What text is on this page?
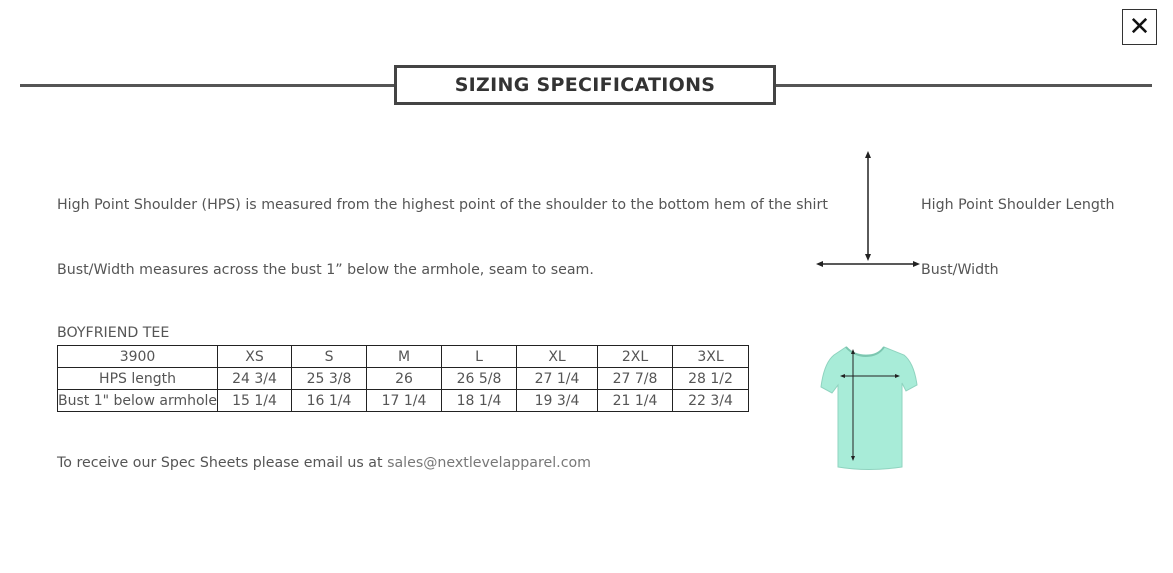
✕
SIZING SPECIFICATIONS
High Point Shoulder (HPS) is measured from the highest point of the shoulder to the bottom hem of the shirt
Bust/Width measures across the bust 1” below the armhole, seam to seam.
High Point Shoulder Length
Bust/Width
BOYFRIEND TEE
3900	XS	S	M	L	XL	2XL	3XL
HPS length	24 3/4	25 3/8	26	26 5/8	27 1/4	27 7/8	28 1/2
Bust 1" below armhole	15 1/4	16 1/4	17 1/4	18 1/4	19 3/4	21 1/4	22 3/4
To receive our Spec Sheets please email us at sales@nextlevelapparel.com
